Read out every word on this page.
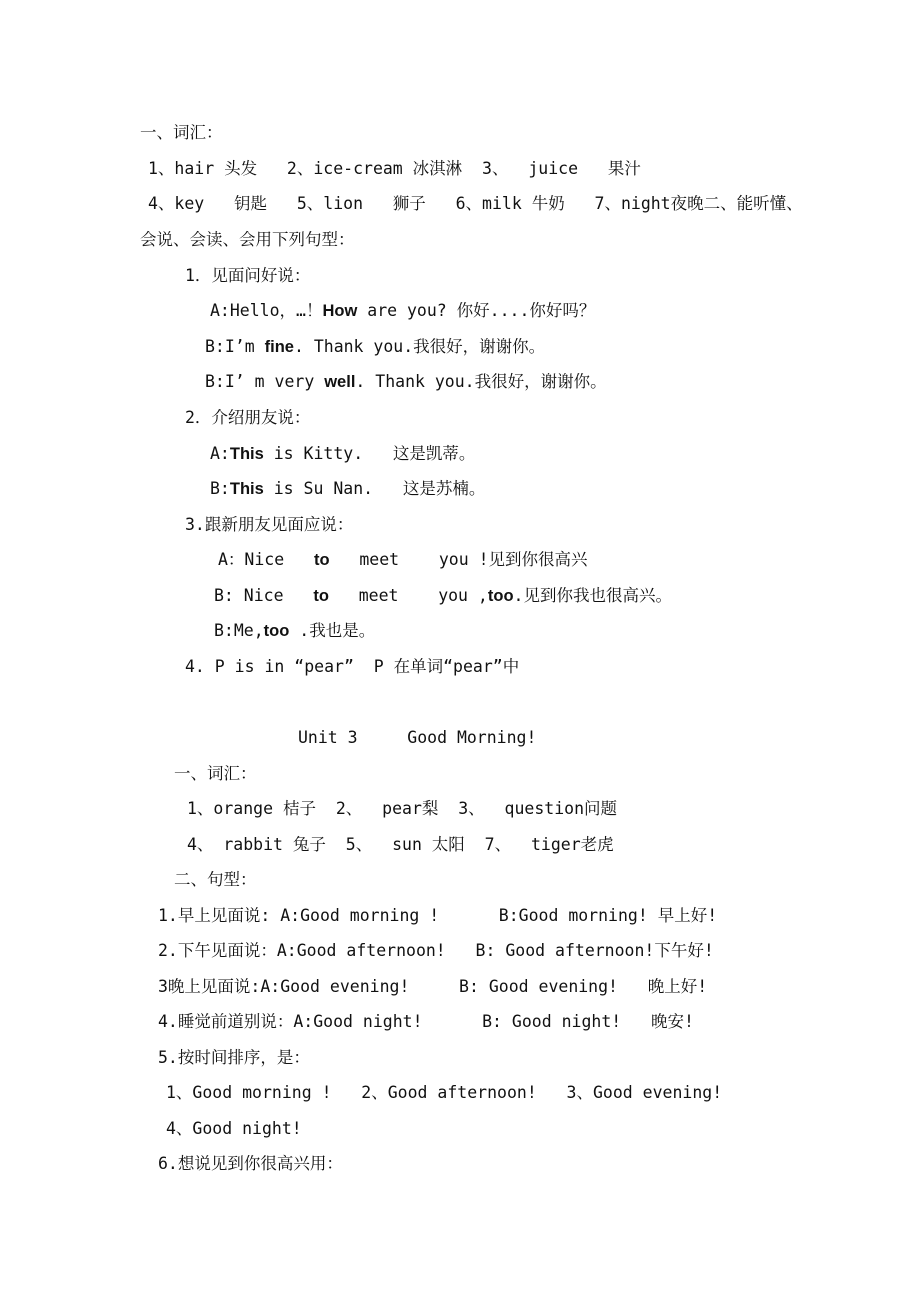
一、词汇：
1、hair 头发   2、ice-cream 冰淇淋  3、  juice   果汁
4、key   钥匙   5、lion   狮子   6、milk 牛奶   7、night夜晚二、能听懂、
会说、会读、会用下列句型：
1．见面问好说：
A:Hello，…！How are you? 你好....你好吗？
B:I’m fine. Thank you.我很好，谢谢你。
B:I’ m very well. Thank you.我很好，谢谢你。
2．介绍朋友说：
A:This is Kitty.   这是凯蒂。
B:This is Su Nan.   这是苏楠。
3.跟新朋友见面应说：
A：Nice   to   meet    you !见到你很高兴
B: Nice   to   meet    you ,too.见到你我也很高兴。
B:Me,too .我也是。
4. P is in “pear”  P 在单词“pear”中
Unit 3     Good Morning!
一、词汇：
1、orange 桔子  2、  pear梨  3、  question问题
4、 rabbit 兔子  5、  sun 太阳  7、  tiger老虎
二、句型：
1.早上见面说: A:Good morning !      B:Good morning! 早上好!
2.下午见面说：A:Good afternoon!   B: Good afternoon!下午好!
3晚上见面说:A:Good evening!     B: Good evening!   晚上好!
4.睡觉前道别说：A:Good night!      B: Good night!   晚安!
5.按时间排序，是：
1、Good morning !   2、Good afternoon!   3、Good evening!
4、Good night!
6.想说见到你很高兴用：
